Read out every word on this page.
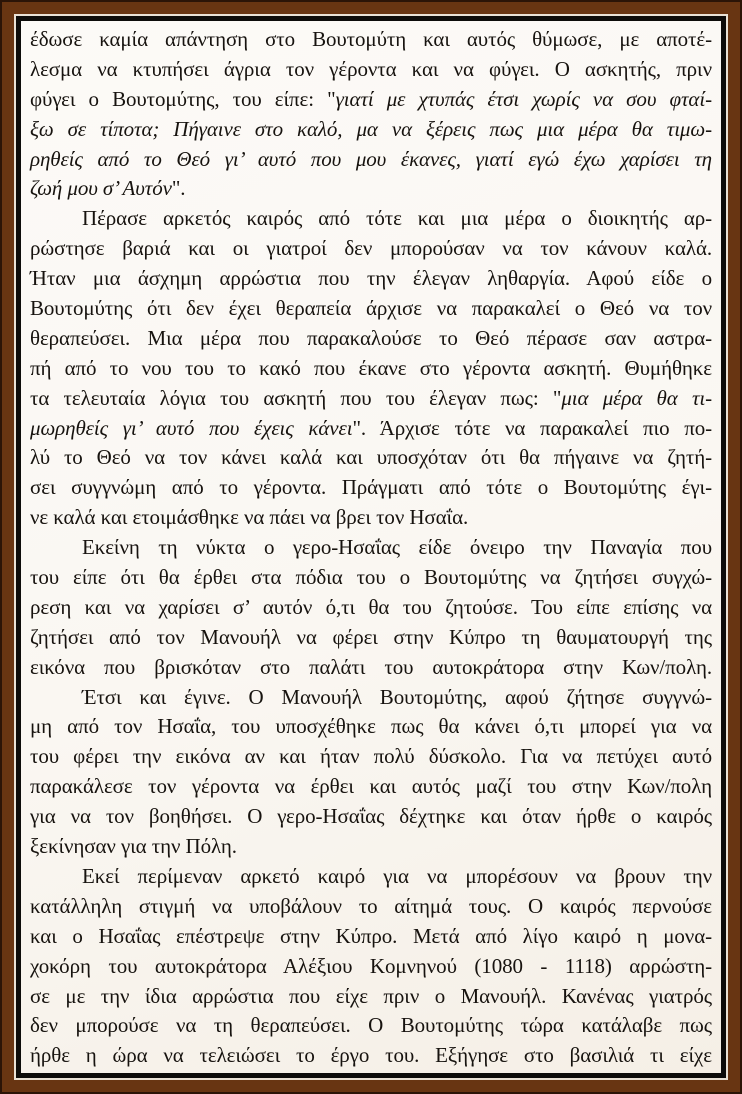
έδωσε καμία απάντηση στο Βουτομύτη και αυτός θύμωσε, με αποτέ-
λεσμα να κτυπήσει άγρια τον γέροντα και να φύγει. Ο ασκητής, πριν
φύγει ο Βουτομύτης, του είπε: "γιατί με χτυπάς έτσι χωρίς να σου φταί-
ξω σε τίποτα; Πήγαινε στο καλό, μα να ξέρεις πως μια μέρα θα τιμω-
ρηθείς από το Θεό γι’ αυτό που μου έκανες, γιατί εγώ έχω χαρίσει τη
ζωή μου σ’ Αυτόν".
Πέρασε αρκετός καιρός από τότε και μια μέρα ο διοικητής αρ-
ρώστησε βαριά και οι γιατροί δεν μπορούσαν να τον κάνουν καλά.
Ήταν μια άσχημη αρρώστια που την έλεγαν ληθαργία. Αφού είδε ο
Βουτομύτης ότι δεν έχει θεραπεία άρχισε να παρακαλεί ο Θεό να τον
θεραπεύσει. Μια μέρα που παρακαλούσε το Θεό πέρασε σαν αστρα-
πή από το νου του το κακό που έκανε στο γέροντα ασκητή. Θυμήθηκε
τα τελευταία λόγια του ασκητή που του έλεγαν πως: "μια μέρα θα τι-
μωρηθείς γι’ αυτό που έχεις κάνει". Άρχισε τότε να παρακαλεί πιο πο-
λύ το Θεό να τον κάνει καλά και υποσχόταν ότι θα πήγαινε να ζητή-
σει συγγνώμη από το γέροντα. Πράγματι από τότε ο Βουτομύτης έγι-
νε καλά και ετοιμάσθηκε να πάει να βρει τον Ησαΐα.
Εκείνη τη νύκτα ο γερο-Ησαΐας είδε όνειρο την Παναγία που
του είπε ότι θα έρθει στα πόδια του ο Βουτομύτης να ζητήσει συγχώ-
ρεση και να χαρίσει σ’ αυτόν ό,τι θα του ζητούσε. Του είπε επίσης να
ζητήσει από τον Μανουήλ να φέρει στην Κύπρο τη θαυματουργή της
εικόνα που βρισκόταν στο παλάτι του αυτοκράτορα στην Κων/πολη.
Έτσι και έγινε. Ο Μανουήλ Βουτομύτης, αφού ζήτησε συγγνώ-
μη από τον Ησαΐα, του υποσχέθηκε πως θα κάνει ό,τι μπορεί για να
του φέρει την εικόνα αν και ήταν πολύ δύσκολο. Για να πετύχει αυτό
παρακάλεσε τον γέροντα να έρθει και αυτός μαζί του στην Κων/πολη
για να τον βοηθήσει. Ο γερο-Ησαΐας δέχτηκε και όταν ήρθε ο καιρός
ξεκίνησαν για την Πόλη.
Εκεί περίμεναν αρκετό καιρό για να μπορέσουν να βρουν την
κατάλληλη στιγμή να υποβάλουν το αίτημά τους. Ο καιρός περνούσε
και ο Ησαΐας επέστρεψε στην Κύπρο. Μετά από λίγο καιρό η μονα-
χοκόρη του αυτοκράτορα Αλέξιου Κομνηνού (1080 - 1118) αρρώστη-
σε με την ίδια αρρώστια που είχε πριν ο Μανουήλ. Κανένας γιατρός
δεν μπορούσε να τη θεραπεύσει. Ο Βουτομύτης τώρα κατάλαβε πως
ήρθε η ώρα να τελειώσει το έργο του. Εξήγησε στο βασιλιά τι είχε
